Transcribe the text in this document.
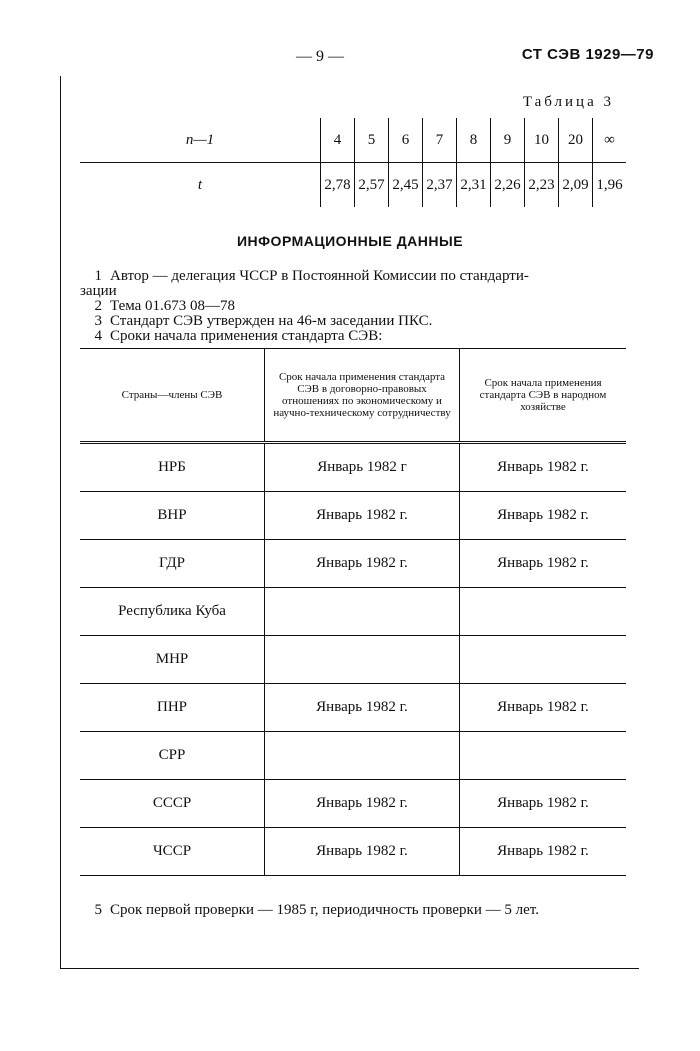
— 9 —	СТ СЭВ 1929—79
Таблица 3
n—1	4	5	6	7	8	9	10	20	∞
t	2,78	2,57	2,45	2,37	2,31	2,26	2,23	2,09	1,96
ИНФОРМАЦИОННЫЕ ДАННЫЕ
1 Автор — делегация ЧССР в Постоянной Комиссии по стандарти-
зации
2 Тема 01.673 08—78
3 Стандарт СЭВ утвержден на 46-м заседании ПКС.
4 Сроки начала применения стандарта СЭВ:
Страны—члены СЭВ	Срок начала применения стандарта СЭВ в договорно-правовых отношениях по экономическому и научно-техническому сотрудничеству	Срок начала применения стандарта СЭВ в народном хозяйстве
НРБ	Январь 1982 г	Январь 1982 г.
ВНР	Январь 1982 г.	Январь 1982 г.
ГДР	Январь 1982 г.	Январь 1982 г.
Республика Куба		
МНР		
ПНР	Январь 1982 г.	Январь 1982 г.
СРР		
СССР	Январь 1982 г.	Январь 1982 г.
ЧССР	Январь 1982 г.	Январь 1982 г.
5 Срок первой проверки — 1985 г, периодичность проверки — 5 лет.
